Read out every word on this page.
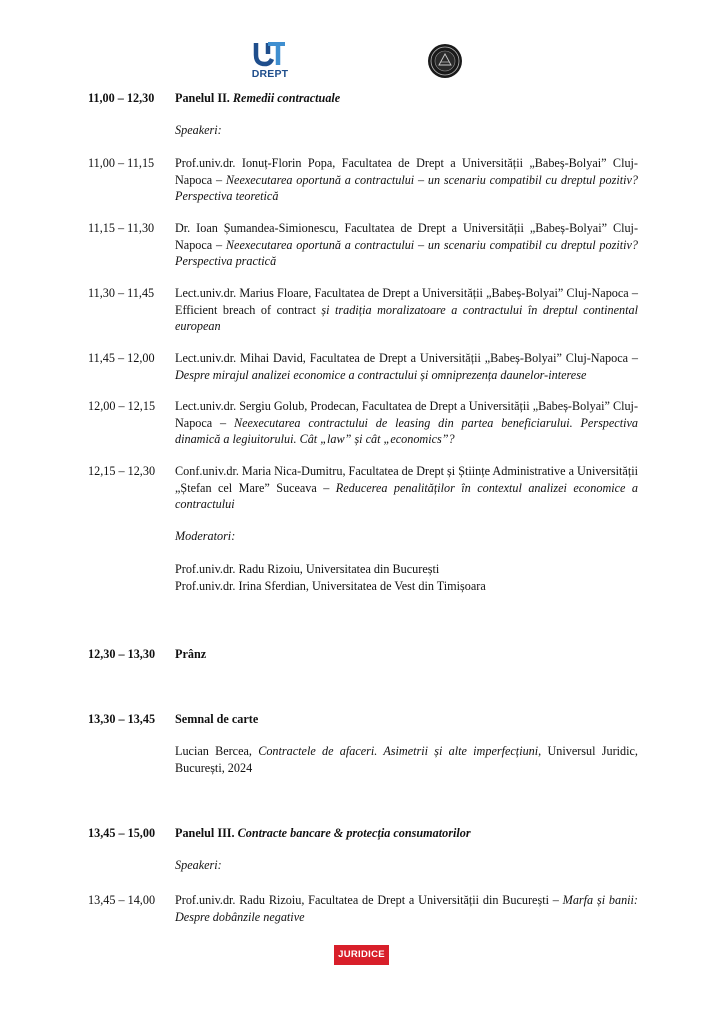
DREPT
11,00 – 12,30	Panelul II. Remedii contractuale
Speakeri:
11,00 – 11,15	Prof.univ.dr. Ionuț-Florin Popa, Facultatea de Drept a Universității „Babeș-Bolyai” Cluj-Napoca – Neexecutarea oportună a contractului – un scenariu compatibil cu dreptul pozitiv? Perspectiva teoretică
11,15 – 11,30	Dr. Ioan Șumandea-Simionescu, Facultatea de Drept a Universității „Babeș-Bolyai” Cluj-Napoca – Neexecutarea oportună a contractului – un scenariu compatibil cu dreptul pozitiv? Perspectiva practică
11,30 – 11,45	Lect.univ.dr. Marius Floare, Facultatea de Drept a Universității „Babeș-Bolyai” Cluj-Napoca – Efficient breach of contract și tradiția moralizatoare a contractului în dreptul continental european
11,45 – 12,00	Lect.univ.dr. Mihai David, Facultatea de Drept a Universității „Babeș-Bolyai” Cluj-Napoca – Despre mirajul analizei economice a contractului și omniprezența daunelor-interese
12,00 – 12,15	Lect.univ.dr. Sergiu Golub, Prodecan, Facultatea de Drept a Universității „Babeș-Bolyai” Cluj-Napoca – Neexecutarea contractului de leasing din partea beneficiarului. Perspectiva dinamică a legiuitorului. Cât „law” și cât „economics”?
12,15 – 12,30	Conf.univ.dr. Maria Nica-Dumitru, Facultatea de Drept și Științe Administrative a Universității „Ștefan cel Mare” Suceava – Reducerea penalităților în contextul analizei economice a contractului
Moderatori:
Prof.univ.dr. Radu Rizoiu, Universitatea din București
Prof.univ.dr. Irina Sferdian, Universitatea de Vest din Timișoara
12,30 – 13,30	Prânz
13,30 – 13,45	Semnal de carte
Lucian Bercea, Contractele de afaceri. Asimetrii și alte imperfecțiuni, Universul Juridic, București, 2024
13,45 – 15,00	Panelul III. Contracte bancare & protecția consumatorilor
Speakeri:
13,45 – 14,00	Prof.univ.dr. Radu Rizoiu, Facultatea de Drept a Universității din București – Marfa și banii: Despre dobânzile negative
JURIDICE
